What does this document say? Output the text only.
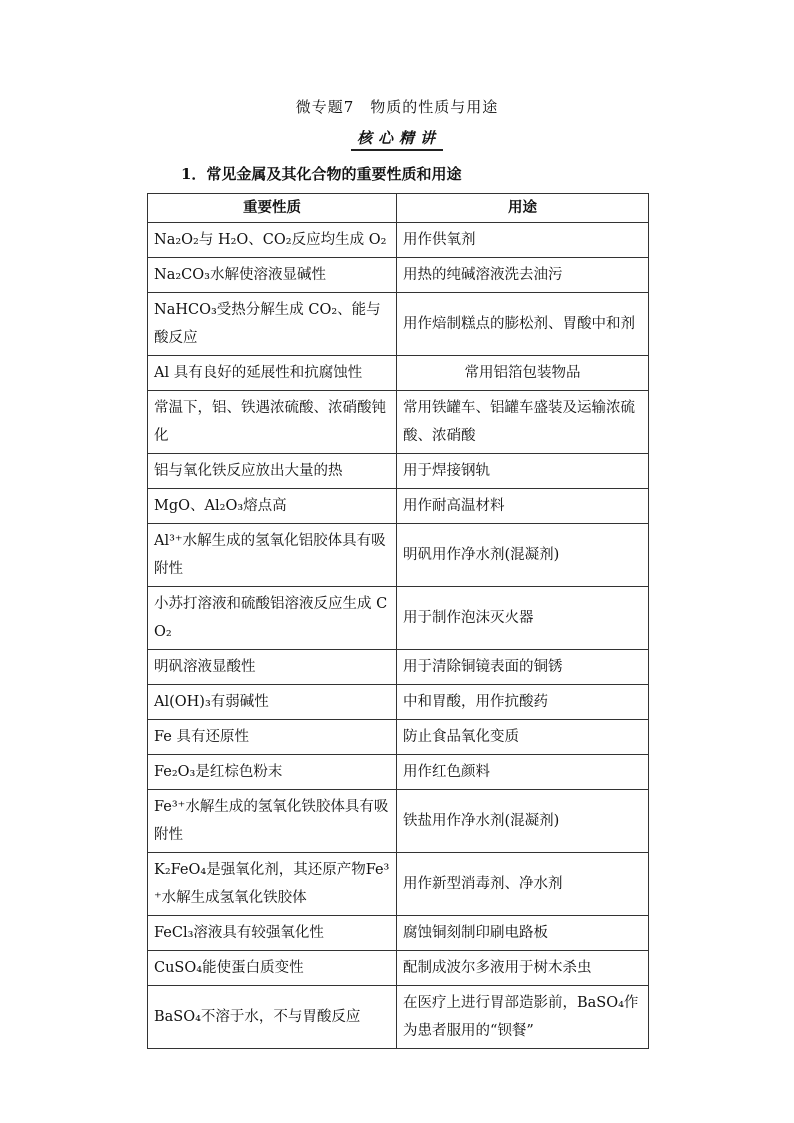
微专题7　物质的性质与用途
核心精讲
1．常见金属及其化合物的重要性质和用途
重要性质	用途
Na₂O₂与 H₂O、CO₂反应均生成 O₂	用作供氧剂
Na₂CO₃水解使溶液显碱性	用热的纯碱溶液洗去油污
NaHCO₃受热分解生成 CO₂、能与酸反应	用作焙制糕点的膨松剂、胃酸中和剂
Al 具有良好的延展性和抗腐蚀性	常用铝箔包装物品
常温下，铝、铁遇浓硫酸、浓硝酸钝化	常用铁罐车、铝罐车盛装及运输浓硫酸、浓硝酸
铝与氧化铁反应放出大量的热	用于焊接钢轨
MgO、Al₂O₃熔点高	用作耐高温材料
Al³⁺水解生成的氢氧化铝胶体具有吸附性	明矾用作净水剂(混凝剂)
小苏打溶液和硫酸铝溶液反应生成 CO₂	用于制作泡沫灭火器
明矾溶液显酸性	用于清除铜镜表面的铜锈
Al(OH)₃有弱碱性	中和胃酸，用作抗酸药
Fe 具有还原性	防止食品氧化变质
Fe₂O₃是红棕色粉末	用作红色颜料
Fe³⁺水解生成的氢氧化铁胶体具有吸附性	铁盐用作净水剂(混凝剂)
K₂FeO₄是强氧化剂，其还原产物Fe³⁺水解生成氢氧化铁胶体	用作新型消毒剂、净水剂
FeCl₃溶液具有较强氧化性	腐蚀铜刻制印刷电路板
CuSO₄能使蛋白质变性	配制成波尔多液用于树木杀虫
BaSO₄不溶于水，不与胃酸反应	在医疗上进行胃部造影前，BaSO₄作为患者服用的“钡餐”
